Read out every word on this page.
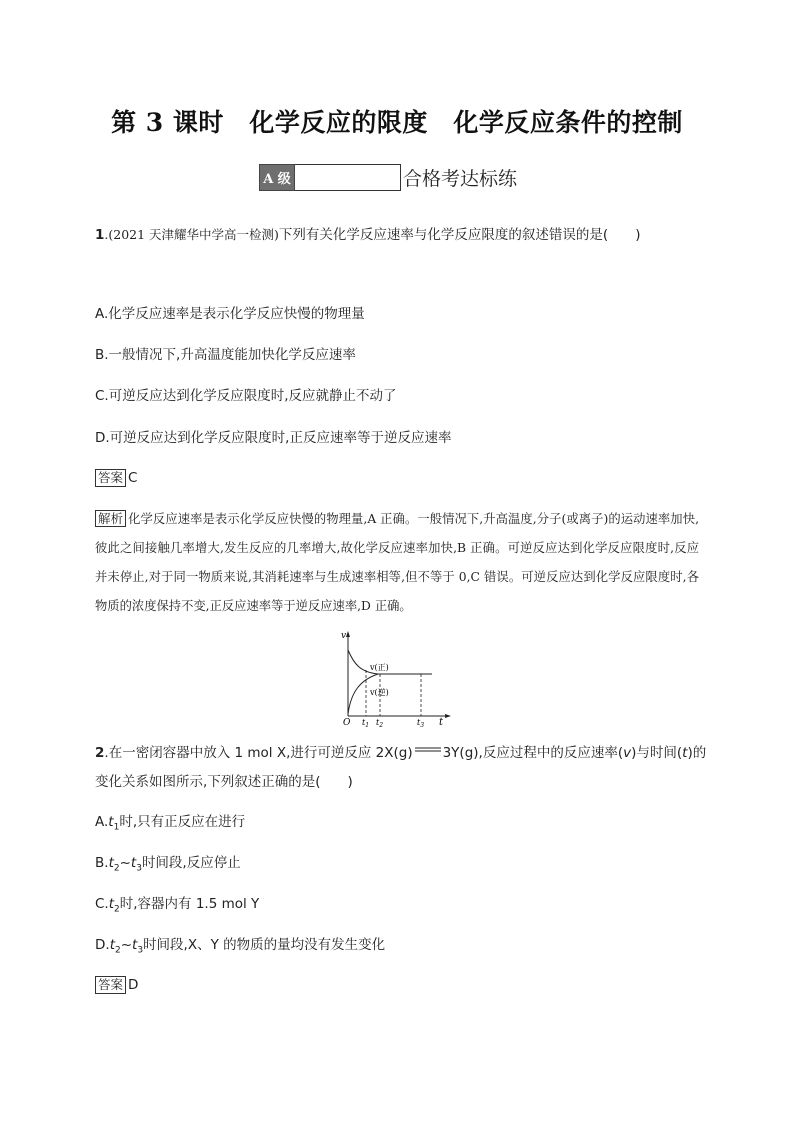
第 3 课时　化学反应的限度　化学反应条件的控制
A 级	合格考达标练
1.(2021 天津耀华中学高一检测)下列有关化学反应速率与化学反应限度的叙述错误的是(　　)
A.化学反应速率是表示化学反应快慢的物理量
B.一般情况下,升高温度能加快化学反应速率
C.可逆反应达到化学反应限度时,反应就静止不动了
D.可逆反应达到化学反应限度时,正反应速率等于逆反应速率
答案 C
解析 化学反应速率是表示化学反应快慢的物理量,A 正确。一般情况下,升高温度,分子(或离子)的运动速率加快,彼此之间接触几率增大,发生反应的几率增大,故化学反应速率加快,B 正确。可逆反应达到化学反应限度时,反应并未停止,对于同一物质来说,其消耗速率与生成速率相等,但不等于 0,C 错误。可逆反应达到化学反应限度时,各物质的浓度保持不变,正反应速率等于逆反应速率,D 正确。
v
t
O
v(正)
v(逆)
$t_1$ $t_2$	$t_3$
2.在一密闭容器中放入 1 mol X,进行可逆反应 2X(g) 3Y(g),反应过程中的反应速率(v)与时间(t)的
变化关系如图所示,下列叙述正确的是(　　)
$A.t_1$时,只有正反应在进行
$B.t_2\sim t_3$时间段,反应停止
$C.t_2$时,容器内有 1.5 mol Y
$D.t_2\sim t_3$时间段,X、Y 的物质的量均没有发生变化
答案 D
